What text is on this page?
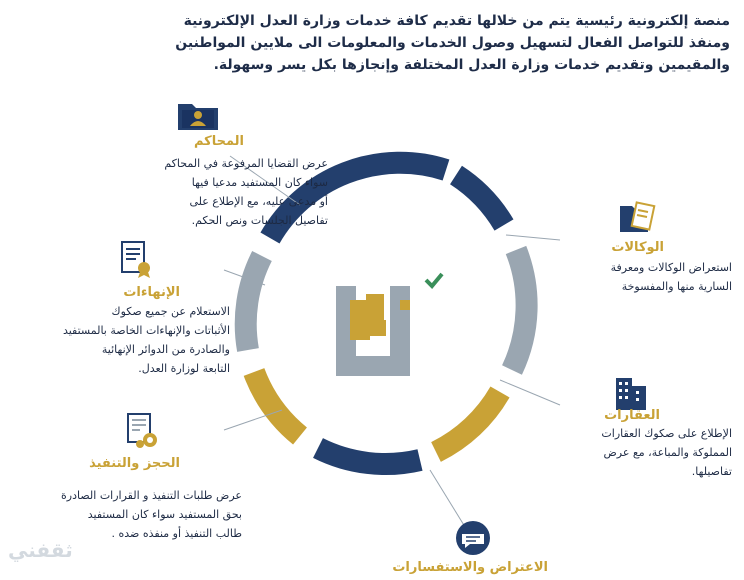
منصة إلكترونية رئيسية يتم من خلالها تقديم كافة خدمات وزارة العدل الإلكترونية
ومنفذ للتواصل الفعال لتسهيل وصول الخدمات والمعلومات الى ملايين المواطنين
والمقيمين وتقديم خدمات وزارة العدل المختلفة وإنجازها بكل يسر وسهولة.
المحاكم
عرض القضايا المرفوعة في المحاكم
سواء كان المستفيد مدعيا فيها
أو مدعى عليه، مع الإطلاع على
تفاصيل الجلسات ونص الحكم.
الإنهاءات
الاستعلام عن جميع صكوك
الأثباتات والإنهاءات الخاصة بالمستفيد
والصادرة من الدوائر الإنهائية
التابعة لوزارة العدل.
الحجز والتنفيذ
عرض طلبات التنفيذ و القرارات الصادرة
بحق المستفيد سواء كان المستفيد
طالب التنفيذ أو منفذه ضده .
الوكالات
استعراض الوكالات ومعرفة
السارية منها والمفسوخة
العقارات
الإطلاع على صكوك العقارات
المملوكة والمباعة، مع عرض
تفاصيلها.
الاعتراض والاستفسارات
ثقفني
